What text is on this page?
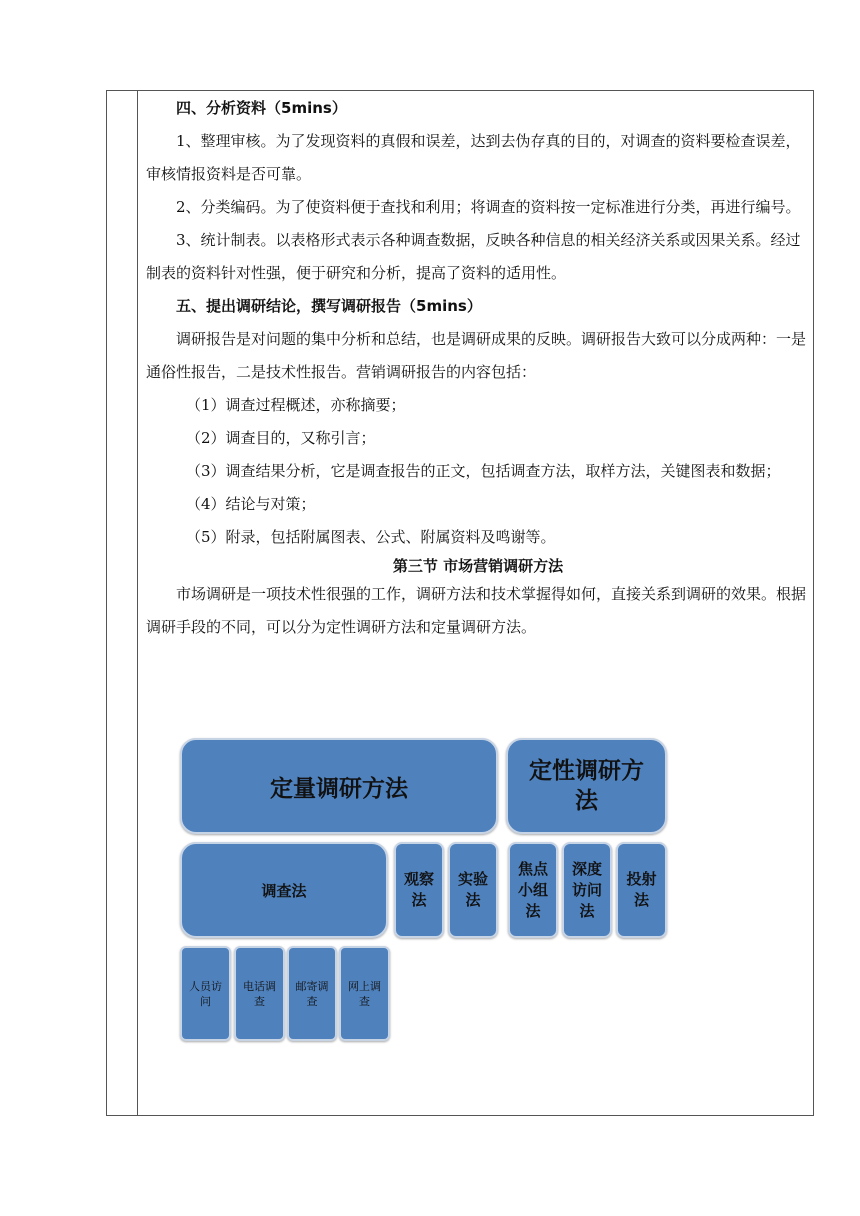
四、分析资料（5mins）

1、整理审核。为了发现资料的真假和误差，达到去伪存真的目的，对调查的资料要检查误差，审核情报资料是否可靠。

2、分类编码。为了使资料便于查找和利用；将调查的资料按一定标准进行分类，再进行编号。

3、统计制表。以表格形式表示各种调查数据，反映各种信息的相关经济关系或因果关系。经过制表的资料针对性强，便于研究和分析，提高了资料的适用性。

五、提出调研结论，撰写调研报告（5mins）

调研报告是对问题的集中分析和总结，也是调研成果的反映。调研报告大致可以分成两种：一是通俗性报告，二是技术性报告。营销调研报告的内容包括：

（1）调查过程概述，亦称摘要；

（2）调查目的，又称引言；

（3）调查结果分析，它是调查报告的正文，包括调查方法，取样方法，关键图表和数据；

（4）结论与对策；

（5）附录，包括附属图表、公式、附属资料及鸣谢等。

第三节 市场营销调研方法

市场调研是一项技术性很强的工作，调研方法和技术掌握得如何，直接关系到调研的效果。根据调研手段的不同，可以分为定性调研方法和定量调研方法。

定量调研方法
定性调研方法
调查法
观察法
实验法
焦点小组法
深度访问法
投射法
人员访问
电话调查
邮寄调查
网上调查
